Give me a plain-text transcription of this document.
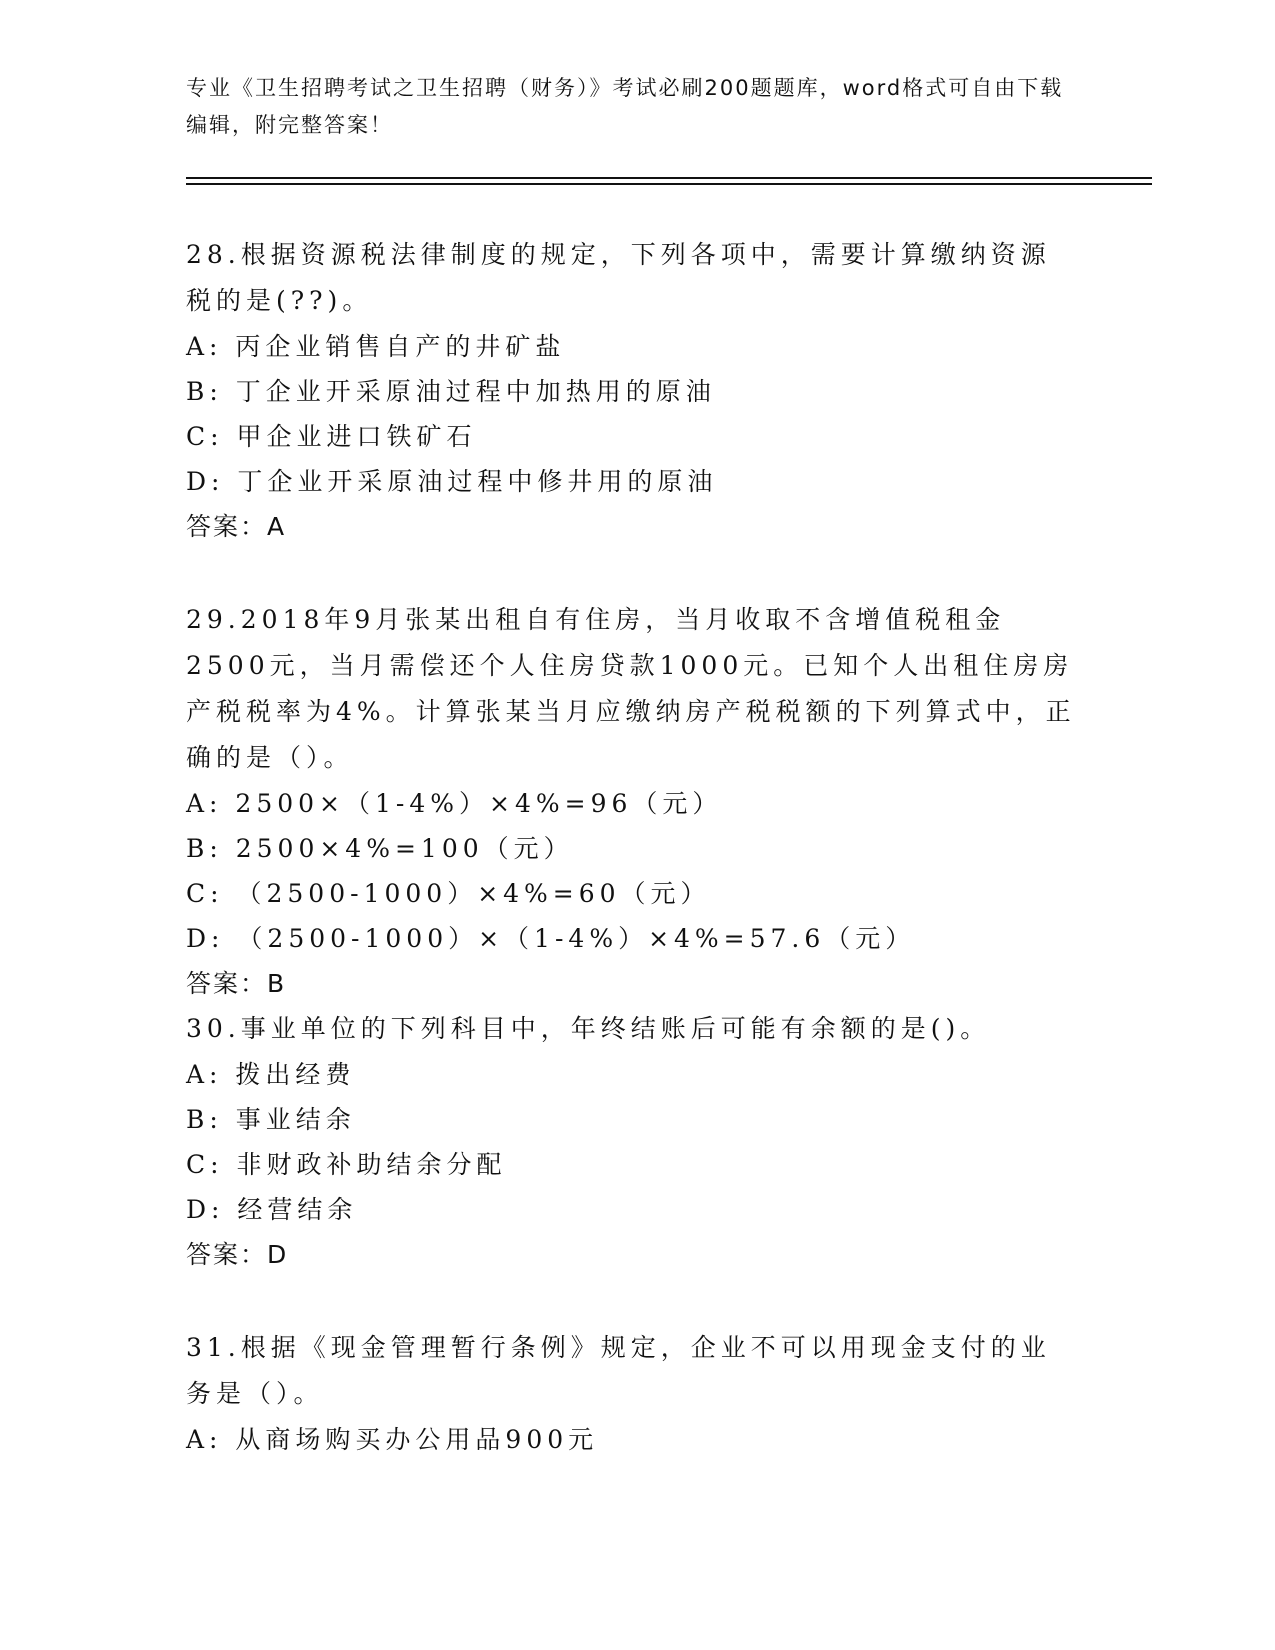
专业《卫生招聘考试之卫生招聘（财务）》考试必刷200题题库，word格式可自由下载编辑，附完整答案！
28.根据资源税法律制度的规定，下列各项中，需要计算缴纳资源税的是(??)。
A: 丙企业销售自产的井矿盐
B: 丁企业开采原油过程中加热用的原油
C: 甲企业进口铁矿石
D: 丁企业开采原油过程中修井用的原油
答案：A
29.2018年9月张某出租自有住房，当月收取不含增值税租金2500元，当月需偿还个人住房贷款1000元。已知个人出租住房房产税税率为4%。计算张某当月应缴纳房产税税额的下列算式中，正确的是（）。
A: 2500×（1-4%）×4%=96（元）
B: 2500×4%=100（元）
C: （2500-1000）×4%=60（元）
D: （2500-1000）×（1-4%）×4%=57.6（元）
答案：B
30.事业单位的下列科目中，年终结账后可能有余额的是()。
A: 拨出经费
B: 事业结余
C: 非财政补助结余分配
D: 经营结余
答案：D
31.根据《现金管理暂行条例》规定，企业不可以用现金支付的业务是（）。
A: 从商场购买办公用品900元
